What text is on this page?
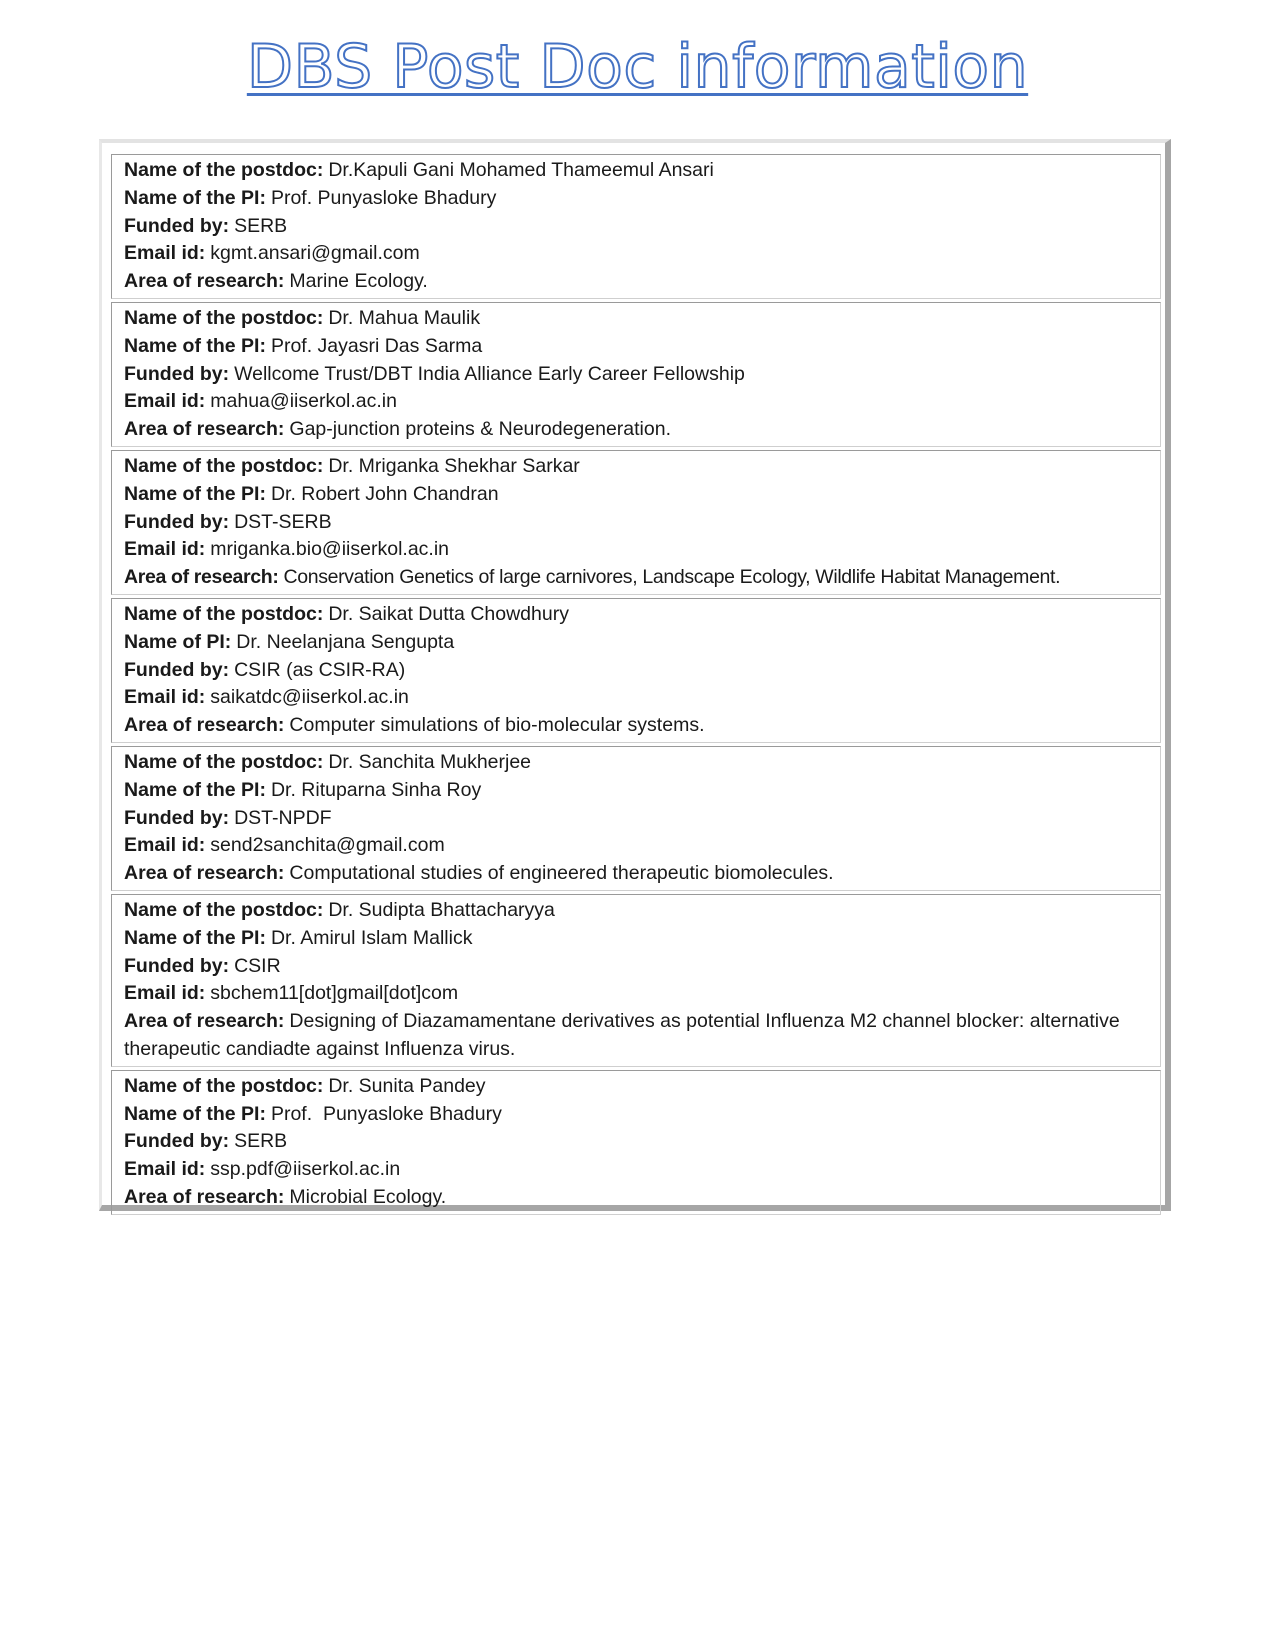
DBS Post Doc information
Name of the postdoc: Dr.Kapuli Gani Mohamed Thameemul Ansari
Name of the PI: Prof. Punyasloke Bhadury
Funded by: SERB
Email id: kgmt.ansari@gmail.com
Area of research: Marine Ecology.
Name of the postdoc: Dr. Mahua Maulik
Name of the PI: Prof. Jayasri Das Sarma
Funded by: Wellcome Trust/DBT India Alliance Early Career Fellowship
Email id: mahua@iiserkol.ac.in
Area of research: Gap-junction proteins & Neurodegeneration.
Name of the postdoc: Dr. Mriganka Shekhar Sarkar
Name of the PI: Dr. Robert John Chandran
Funded by: DST-SERB
Email id: mriganka.bio@iiserkol.ac.in
Area of research: Conservation Genetics of large carnivores, Landscape Ecology, Wildlife Habitat Management.
Name of the postdoc: Dr. Saikat Dutta Chowdhury
Name of PI: Dr. Neelanjana Sengupta
Funded by: CSIR (as CSIR-RA)
Email id: saikatdc@iiserkol.ac.in
Area of research: Computer simulations of bio-molecular systems.
Name of the postdoc: Dr. Sanchita Mukherjee
Name of the PI: Dr. Rituparna Sinha Roy
Funded by: DST-NPDF
Email id: send2sanchita@gmail.com
Area of research: Computational studies of engineered therapeutic biomolecules.
Name of the postdoc: Dr. Sudipta Bhattacharyya
Name of the PI: Dr. Amirul Islam Mallick
Funded by: CSIR
Email id: sbchem11[dot]gmail[dot]com
Area of research: Designing of Diazamamentane derivatives as potential Influenza M2 channel blocker: alternative therapeutic candiadte against Influenza virus.
Name of the postdoc: Dr. Sunita Pandey
Name of the PI: Prof.  Punyasloke Bhadury
Funded by: SERB
Email id: ssp.pdf@iiserkol.ac.in
Area of research: Microbial Ecology.
